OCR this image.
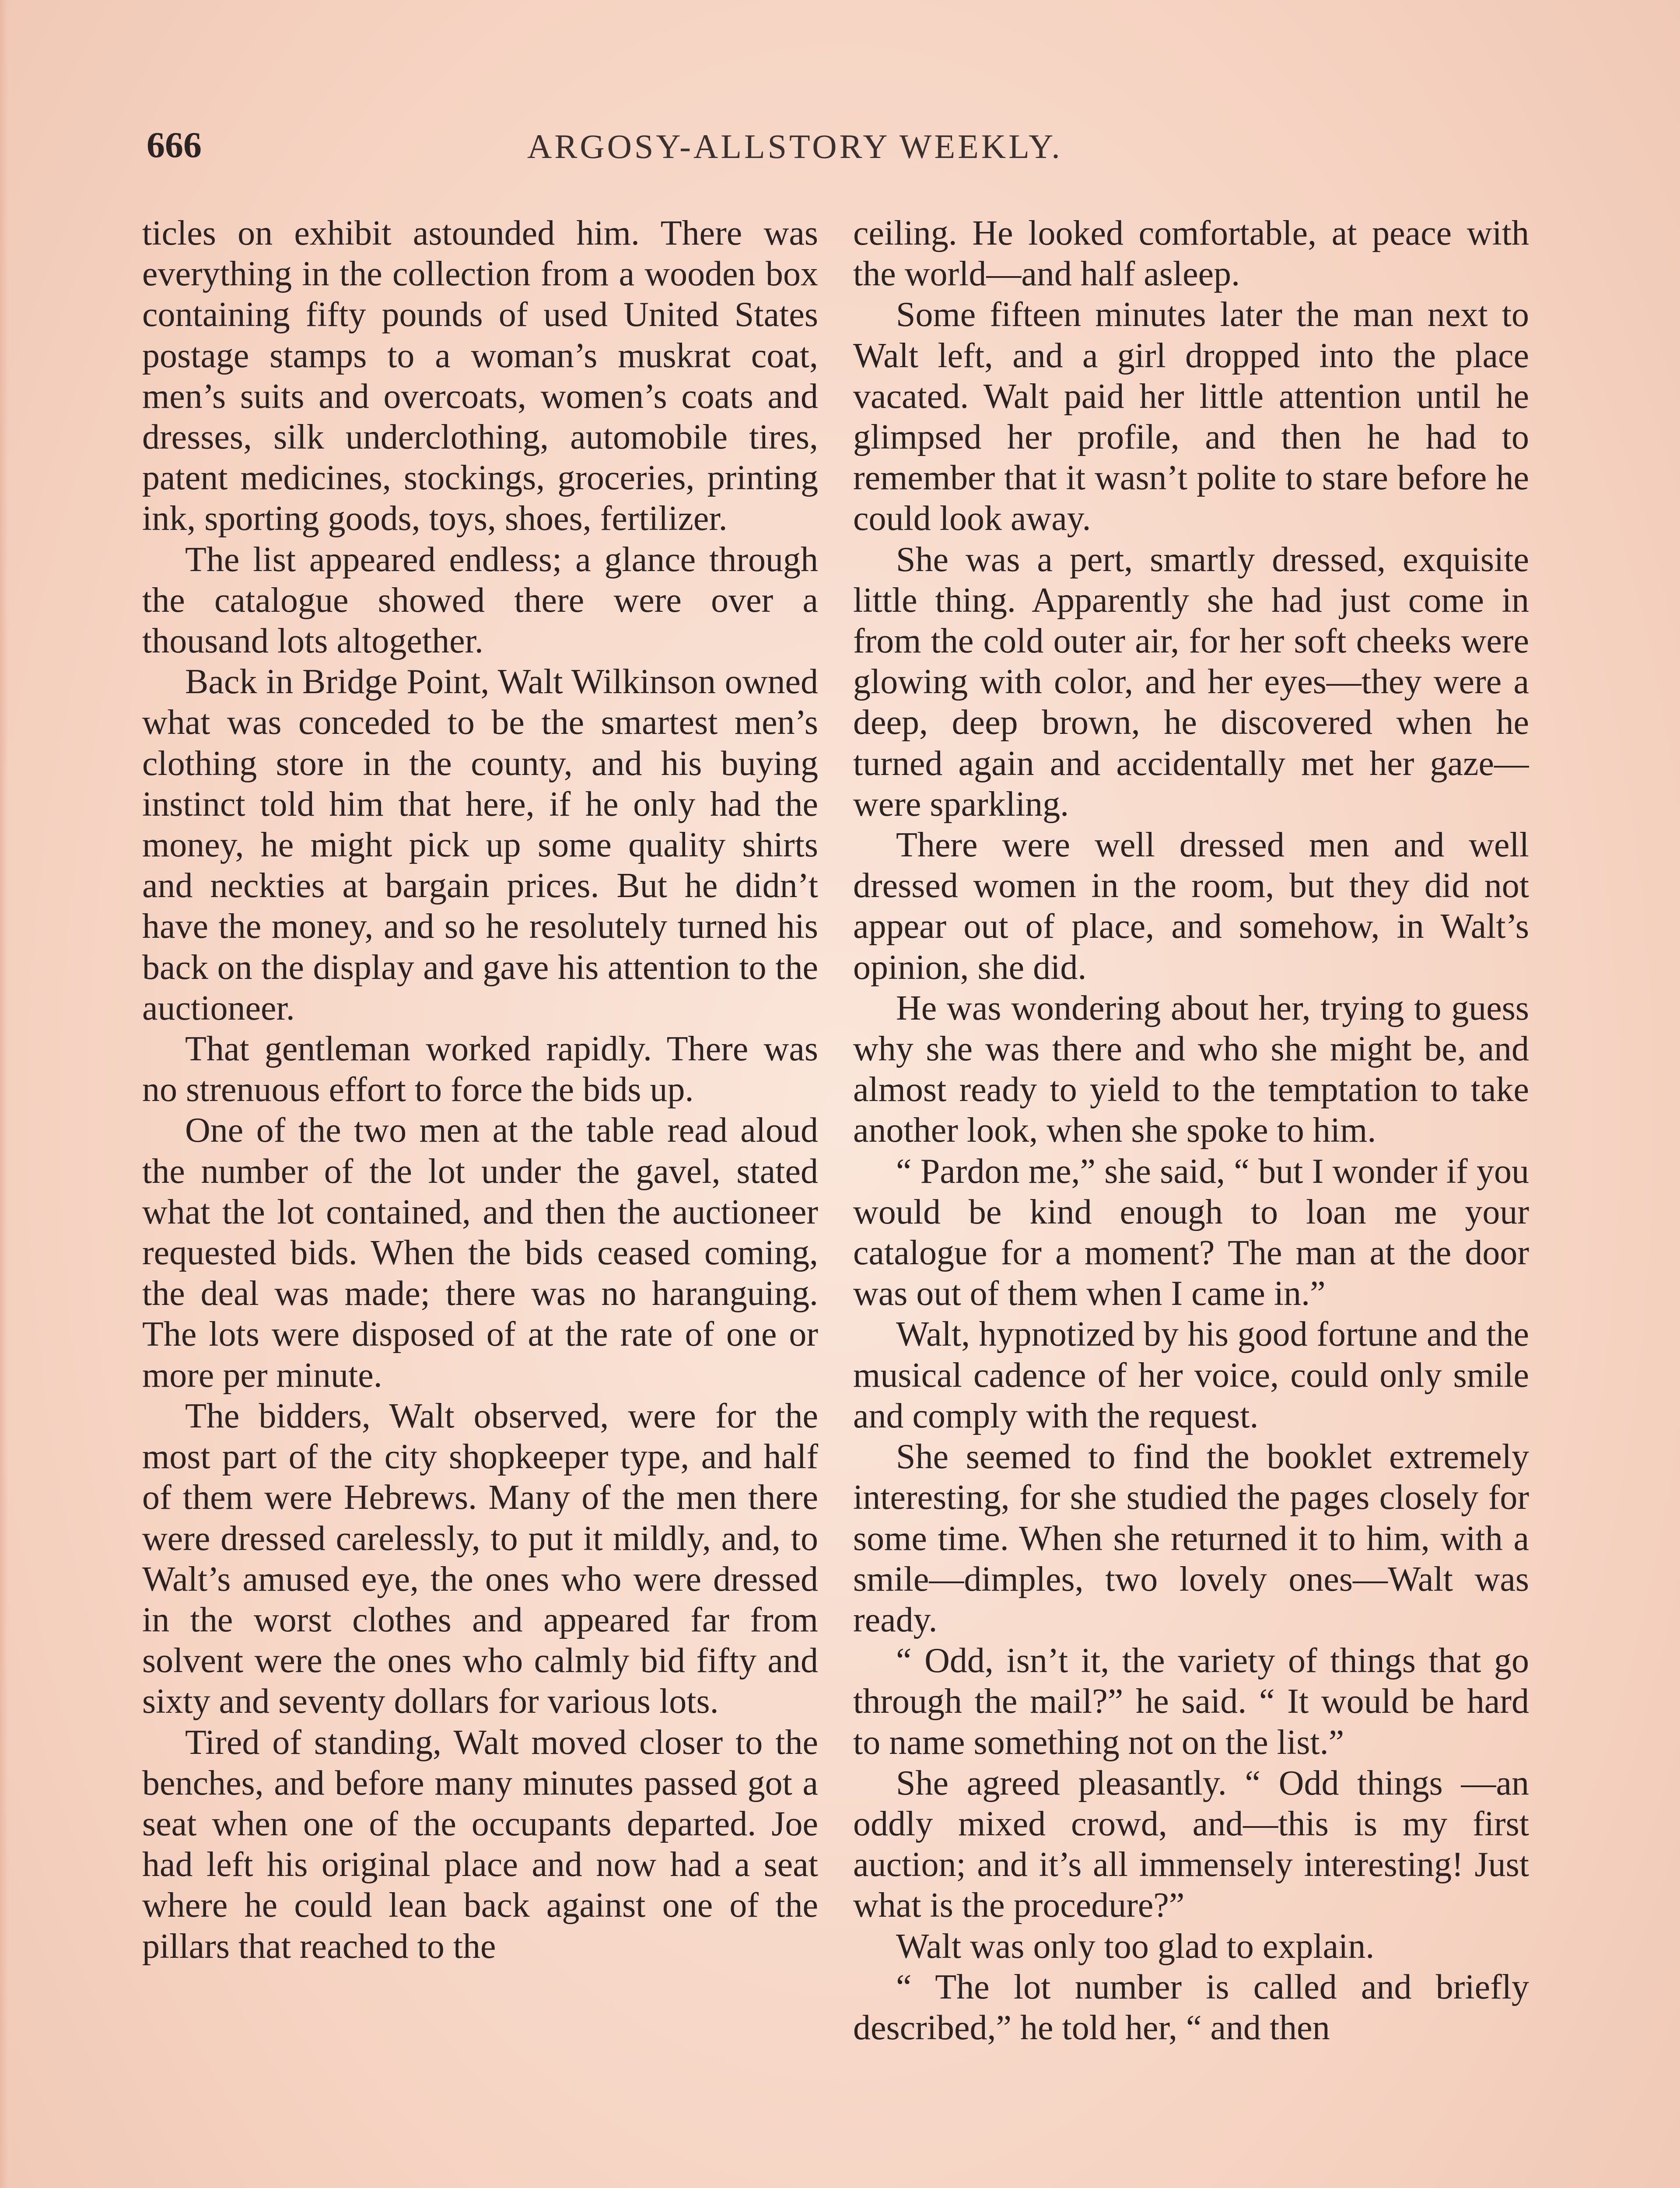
666	ARGOSY-ALLSTORY WEEKLY.

ticles on exhibit astounded him. There was everything in the collection from a wooden box containing fifty pounds of used United States postage stamps to a woman’s muskrat coat, men’s suits and overcoats, women’s coats and dresses, silk underclothing, automobile tires, patent medicines, stockings, groceries, printing ink, sporting goods, toys, shoes, fertilizer.

The list appeared endless; a glance through the catalogue showed there were over a thousand lots altogether.

Back in Bridge Point, Walt Wilkinson owned what was conceded to be the smartest men’s clothing store in the county, and his buying instinct told him that here, if he only had the money, he might pick up some quality shirts and neckties at bargain prices. But he didn’t have the money, and so he resolutely turned his back on the display and gave his attention to the auctioneer.

That gentleman worked rapidly. There was no strenuous effort to force the bids up.

One of the two men at the table read aloud the number of the lot under the gavel, stated what the lot contained, and then the auctioneer requested bids. When the bids ceased coming, the deal was made; there was no haranguing. The lots were disposed of at the rate of one or more per minute.

The bidders, Walt observed, were for the most part of the city shopkeeper type, and half of them were Hebrews. Many of the men there were dressed carelessly, to put it mildly, and, to Walt’s amused eye, the ones who were dressed in the worst clothes and appeared far from solvent were the ones who calmly bid fifty and sixty and seventy dollars for various lots.

Tired of standing, Walt moved closer to the benches, and before many minutes passed got a seat when one of the occupants departed. Joe had left his original place and now had a seat where he could lean back against one of the pillars that reached to the

ceiling. He looked comfortable, at peace with the world—and half asleep.

Some fifteen minutes later the man next to Walt left, and a girl dropped into the place vacated. Walt paid her little attention until he glimpsed her profile, and then he had to remember that it wasn’t polite to stare before he could look away.

She was a pert, smartly dressed, exquisite little thing. Apparently she had just come in from the cold outer air, for her soft cheeks were glowing with color, and her eyes—they were a deep, deep brown, he discovered when he turned again and accidentally met her gaze—were sparkling.

There were well dressed men and well dressed women in the room, but they did not appear out of place, and somehow, in Walt’s opinion, she did.

He was wondering about her, trying to guess why she was there and who she might be, and almost ready to yield to the temptation to take another look, when she spoke to him.

“ Pardon me,” she said, “ but I wonder if you would be kind enough to loan me your catalogue for a moment? The man at the door was out of them when I came in.”

Walt, hypnotized by his good fortune and the musical cadence of her voice, could only smile and comply with the request.

She seemed to find the booklet extremely interesting, for she studied the pages closely for some time. When she returned it to him, with a smile—dimples, two lovely ones—Walt was ready.

“ Odd, isn’t it, the variety of things that go through the mail?” he said. “ It would be hard to name something not on the list.”

She agreed pleasantly. “ Odd things —an oddly mixed crowd, and—this is my first auction; and it’s all immensely interesting! Just what is the procedure?”

Walt was only too glad to explain.

“ The lot number is called and briefly described,” he told her, “ and then
